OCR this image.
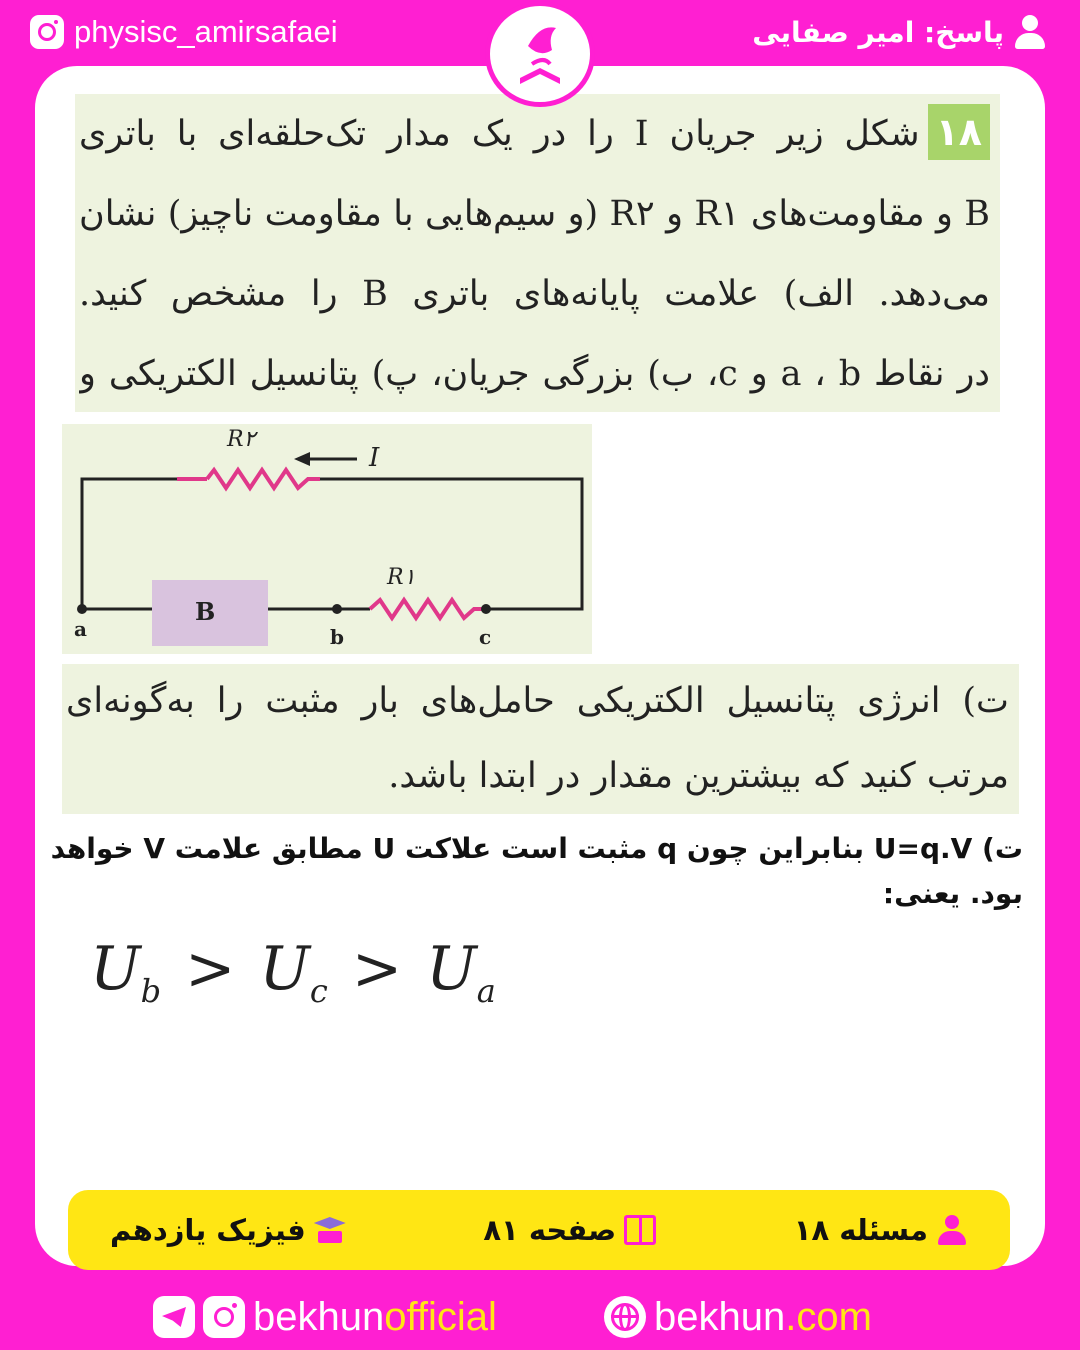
physisc_amirsafaei	پاسخ: امیر صفایی
۱۸شکل زیر جریان I را در یک مدار تک‌حلقه‌ای با باتری
B و مقاومت‌های R۱ و R۲ (و سیم‌هایی با مقاومت ناچیز) نشان
می‌دهد. الف) علامت پایانه‌های باتری B را مشخص کنید.
در نقاط a ، b و c، ب) بزرگی جریان، پ) پتانسیل الکتریکی و
I
R۲
B
R۱
a	b	c
ت) انرژی پتانسیل الکتریکی حامل‌های بار مثبت را به‌گونه‌ای
مرتب کنید که بیشترین مقدار در ابتدا باشد.
ت) U=q.V بنابراین چون q مثبت است علاکت U مطابق علامت V خواهد
بود. یعنی:
$U_b > U_c > U_a$
مسئله ۱۸
صفحه ۸۱
فیزیک یازدهم
bekhunofficial	bekhun.com
